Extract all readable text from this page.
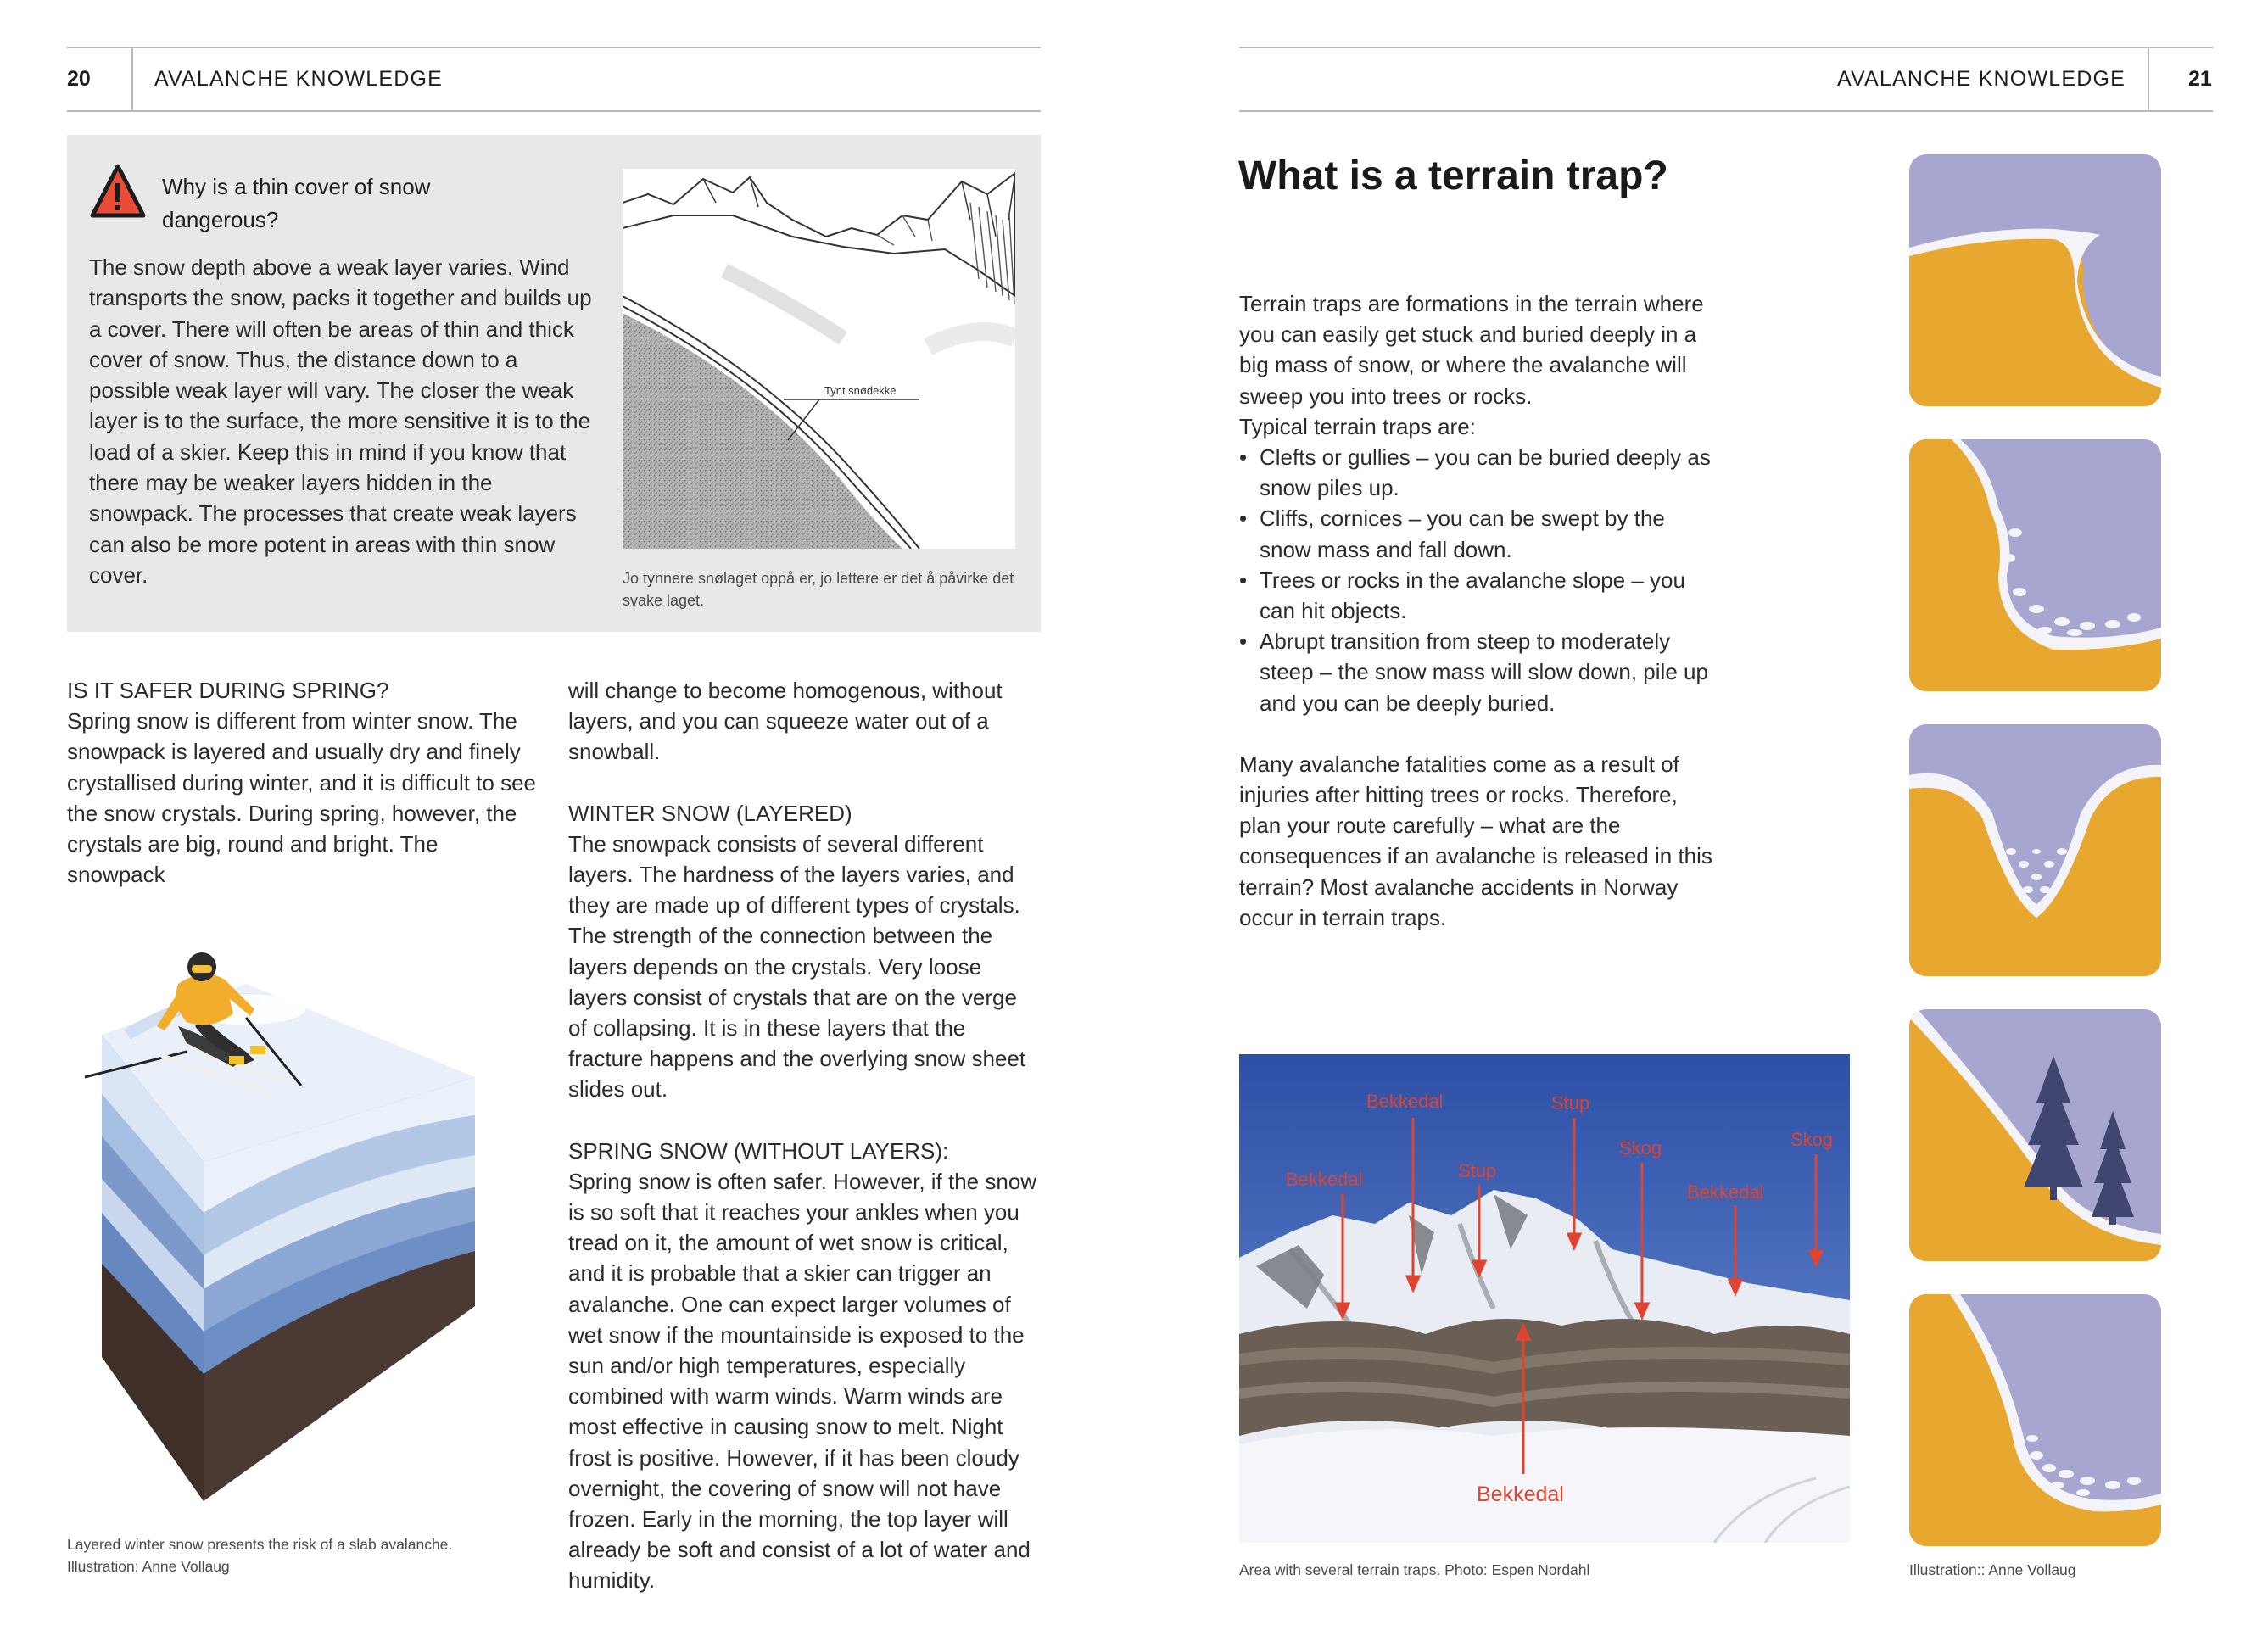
20	AVALANCHE KNOWLEDGE
Why is a thin cover of snow dangerous?
The snow depth above a weak layer varies. Wind transports the snow, packs it together and builds up a cover. There will often be areas of thin and thick cover of snow. Thus, the distance down to a possible weak layer will vary. The closer the weak layer is to the surface, the more sensitive it is to the load of a skier. Keep this in mind if you know that there may be weaker layers hidden in the snowpack. The processes that create weak layers can also be more potent in areas with thin snow cover.
Tynt snødekke
Jo tynnere snølaget oppå er, jo lettere er det å påvirke det svake laget.

IS IT SAFER DURING SPRING?

Spring snow is different from winter snow. The snowpack is layered and usually dry and finely crystallised during winter, and it is difficult to see the snow crystals. During spring, however, the crystals are big, round and bright. The snowpack

will change to become homogenous, without layers, and you can squeeze water out of a snowball.

WINTER SNOW (LAYERED)

The snowpack consists of several different layers. The hardness of the layers varies, and they are made up of different types of crystals. The strength of the connection between the layers depends on the crystals. Very loose layers consist of crystals that are on the verge of collapsing. It is in these layers that the fracture happens and the overlying snow sheet slides out.

SPRING SNOW (WITHOUT LAYERS):

Spring snow is often safer. However, if the snow is so soft that it reaches your ankles when you tread on it, the amount of wet snow is critical, and it is probable that a skier can trigger an avalanche. One can expect larger volumes of wet snow if the mountainside is exposed to the sun and/or high temperatures, especially combined with warm winds. Warm winds are most effective in causing snow to melt. Night frost is positive. However, if it has been cloudy overnight, the covering of snow will not have frozen. Early in the morning, the top layer will already be soft and consist of a lot of water and humidity.

Layered winter snow presents the risk of a slab avalanche.
Illustration: Anne Vollaug
AVALANCHE KNOWLEDGE	21
What is a terrain trap?

Terrain traps are formations in the terrain where you can easily get stuck and buried deeply in a big mass of snow, or where the avalanche will sweep you into trees or rocks.

Typical terrain traps are:

• Clefts or gullies – you can be buried deeply as snow piles up.
• Cliffs, cornices – you can be swept by the snow mass and fall down.
• Trees or rocks in the avalanche slope – you can hit objects.
• Abrupt transition from steep to moderately steep – the snow mass will slow down, pile up and you can be deeply buried.

Many avalanche fatalities come as a result of injuries after hitting trees or rocks. Therefore, plan your route carefully – what are the consequences if an avalanche is released in this terrain? Most avalanche accidents in Norway occur in terrain traps.

Bekkedal
Bekkedal	Stup
Stup
Skog
Bekkedal
Skog
Bekkedal
Area with several terrain traps. Photo: Espen Nordahl	Illustration:: Anne Vollaug
